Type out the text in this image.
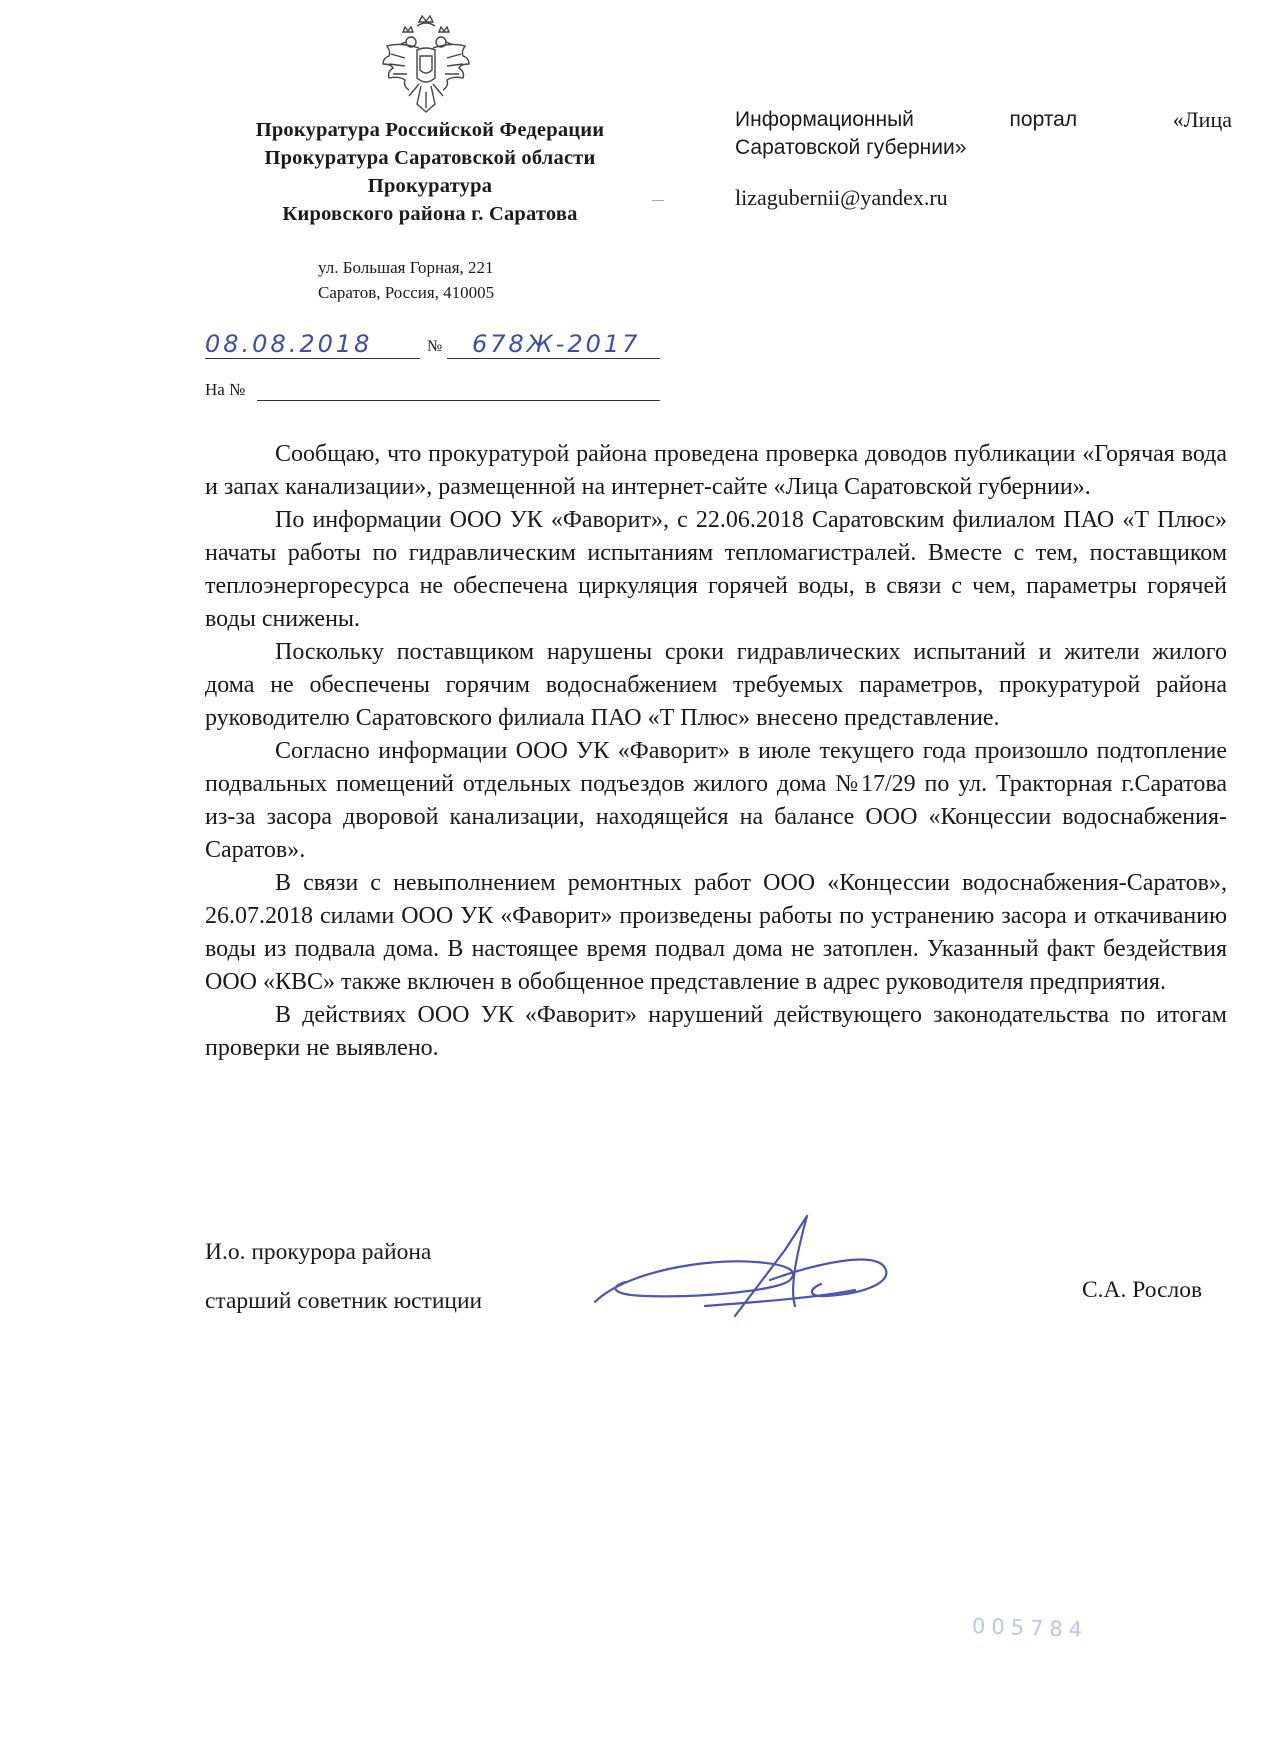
Прокуратура Российской Федерации
Прокуратура Саратовской области
Прокуратура
Кировского района г. Саратова
ул. Большая Горная, 221
Саратов, Россия, 410005
Информационный	портал	«Лица
Саратовской губернии»
lizagubernii@yandex.ru
08.08.2018	№ 678Ж-2017
На №

Сообщаю, что прокуратурой района проведена проверка доводов публикации «Горячая вода и запах канализации», размещенной на интернет-сайте «Лица Саратовской губернии».

По информации ООО УК «Фаворит», с 22.06.2018 Саратовским филиалом ПАО «Т Плюс» начаты работы по гидравлическим испытаниям тепломагистралей. Вместе с тем, поставщиком теплоэнергоресурса не обеспечена циркуляция горячей воды, в связи с чем, параметры горячей воды снижены.

Поскольку поставщиком нарушены сроки гидравлических испытаний и жители жилого дома не обеспечены горячим водоснабжением требуемых параметров, прокуратурой района руководителю Саратовского филиала ПАО «Т Плюс» внесено представление.

Согласно информации ООО УК «Фаворит» в июле текущего года произошло подтопление подвальных помещений отдельных подъездов жилого дома №17/29 по ул. Тракторная г.Саратова из-за засора дворовой канализации, находящейся на балансе ООО «Концессии водоснабжения-Саратов».

В связи с невыполнением ремонтных работ ООО «Концессии водоснабжения-Саратов», 26.07.2018 силами ООО УК «Фаворит» произведены работы по устранению засора и откачиванию воды из подвала дома. В настоящее время подвал дома не затоплен. Указанный факт бездействия ООО «КВС» также включен в обобщенное представление в адрес руководителя предприятия.

В действиях ООО УК «Фаворит» нарушений действующего законодательства по итогам проверки не выявлено.

И.о. прокурора района
старший советник юстиции	С.А. Рослов
005784
